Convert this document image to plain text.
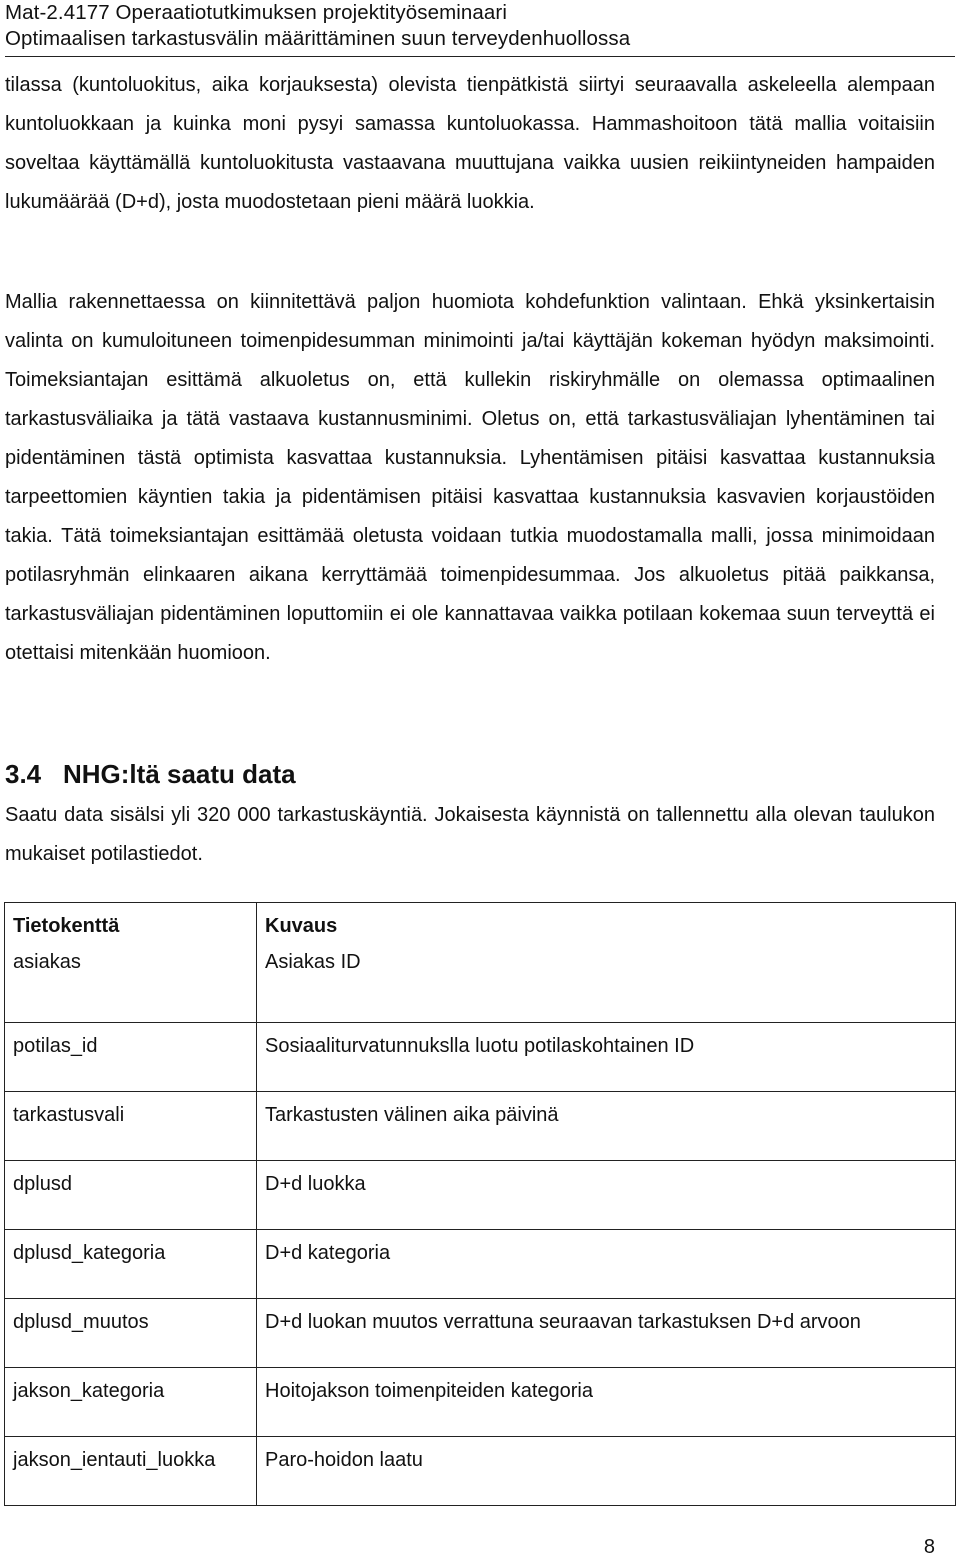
Mat-2.4177 Operaatiotutkimuksen projektityöseminaari
Optimaalisen tarkastusvälin määrittäminen suun terveydenhuollossa

tilassa (kuntoluokitus, aika korjauksesta) olevista tienpätkistä siirtyi seuraavalla askeleella alempaan kuntoluokkaan ja kuinka moni pysyi samassa kuntoluokassa. Hammashoitoon tätä mallia voitaisiin soveltaa käyttämällä kuntoluokitusta vastaavana muuttujana vaikka uusien reikiintyneiden hampaiden lukumäärää (D+d), josta muodostetaan pieni määrä luokkia.

Mallia rakennettaessa on kiinnitettävä paljon huomiota kohdefunktion valintaan. Ehkä yksinkertaisin valinta on kumuloituneen toimenpidesumman minimointi ja/tai käyttäjän kokeman hyödyn maksimointi. Toimeksiantajan esittämä alkuoletus on, että kullekin riskiryhmälle on olemassa optimaalinen tarkastusväliaika ja tätä vastaava kustannusminimi. Oletus on, että tarkastusväliajan lyhentäminen tai pidentäminen tästä optimista kasvattaa kustannuksia. Lyhentämisen pitäisi kasvattaa kustannuksia tarpeettomien käyntien takia ja pidentämisen pitäisi kasvattaa kustannuksia kasvavien korjaustöiden takia. Tätä toimeksiantajan esittämää oletusta voidaan tutkia muodostamalla malli, jossa minimoidaan potilasryhmän elinkaaren aikana kerryttämää toimenpidesummaa. Jos alkuoletus pitää paikkansa, tarkastusväliajan pidentäminen loputtomiin ei ole kannattavaa vaikka potilaan kokemaa suun terveyttä ei otettaisi mitenkään huomioon.

3.4 NHG:ltä saatu data

Saatu data sisälsi yli 320 000 tarkastuskäyntiä. Jokaisesta käynnistä on tallennettu alla olevan taulukon mukaiset potilastiedot.

Tietokenttä	Kuvaus
asiakas	Asiakas ID
potilas_id	Sosiaaliturvatunnukslla luotu potilaskohtainen ID
tarkastusvali	Tarkastusten välinen aika päivinä
dplusd	D+d luokka
dplusd_kategoria	D+d kategoria
dplusd_muutos	D+d luokan muutos verrattuna seuraavan tarkastuksen D+d arvoon
jakson_kategoria	Hoitojakson toimenpiteiden kategoria
jakson_ientauti_luokka	Paro-hoidon laatu
8
